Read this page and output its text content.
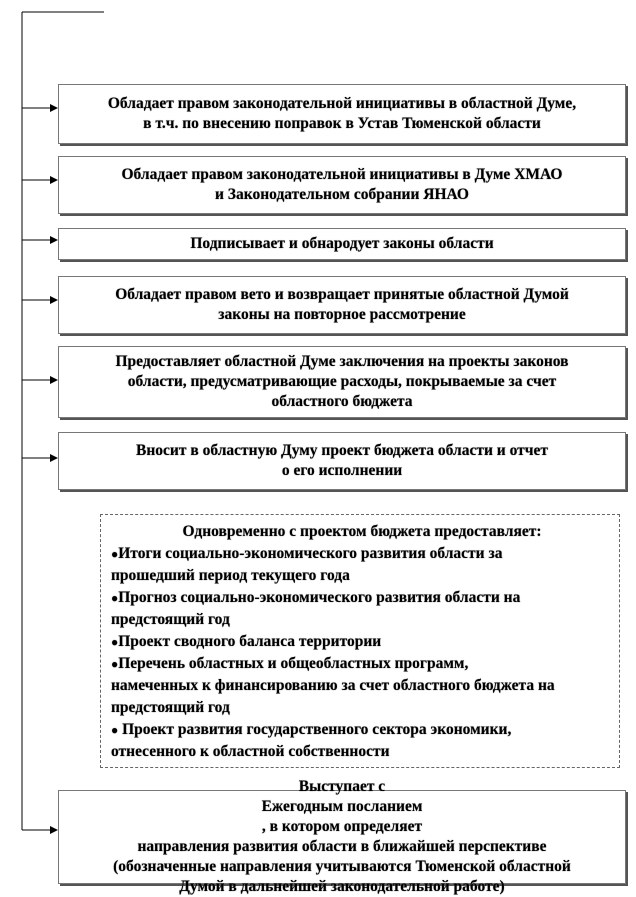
Обладает правом законодательной инициативы в областной Думе,
в т.ч. по внесению поправок в Устав Тюменской области
Обладает правом законодательной инициативы в Думе ХМАО
и Законодательном собрании ЯНАО
Подписывает и обнародует законы области
Обладает правом вето и возвращает принятые областной Думой
законы на повторное рассмотрение
Предоставляет областной Думе заключения на проекты законов
области, предусматривающие расходы, покрываемые за счет
областного бюджета
Вносит в областную Думу проект бюджета области и отчет
о его исполнении
Одновременно с проектом бюджета предоставляет:
●Итоги социально-экономического развития области за
прошедший период текущего года
●Прогноз социально-экономического развития области на
предстоящий год
●Проект сводного баланса территории
●Перечень областных и общеобластных программ,
намеченных к финансированию за счет областного бюджета на
предстоящий год
● Проект развития государственного сектора экономики,
отнесенного к областной собственности
Выступает с
Ежегодным посланием
, в котором определяет
направления развития области в ближайшей перспективе
(обозначенные направления учитываются Тюменской областной
Думой в дальнейшей законодательной работе)
